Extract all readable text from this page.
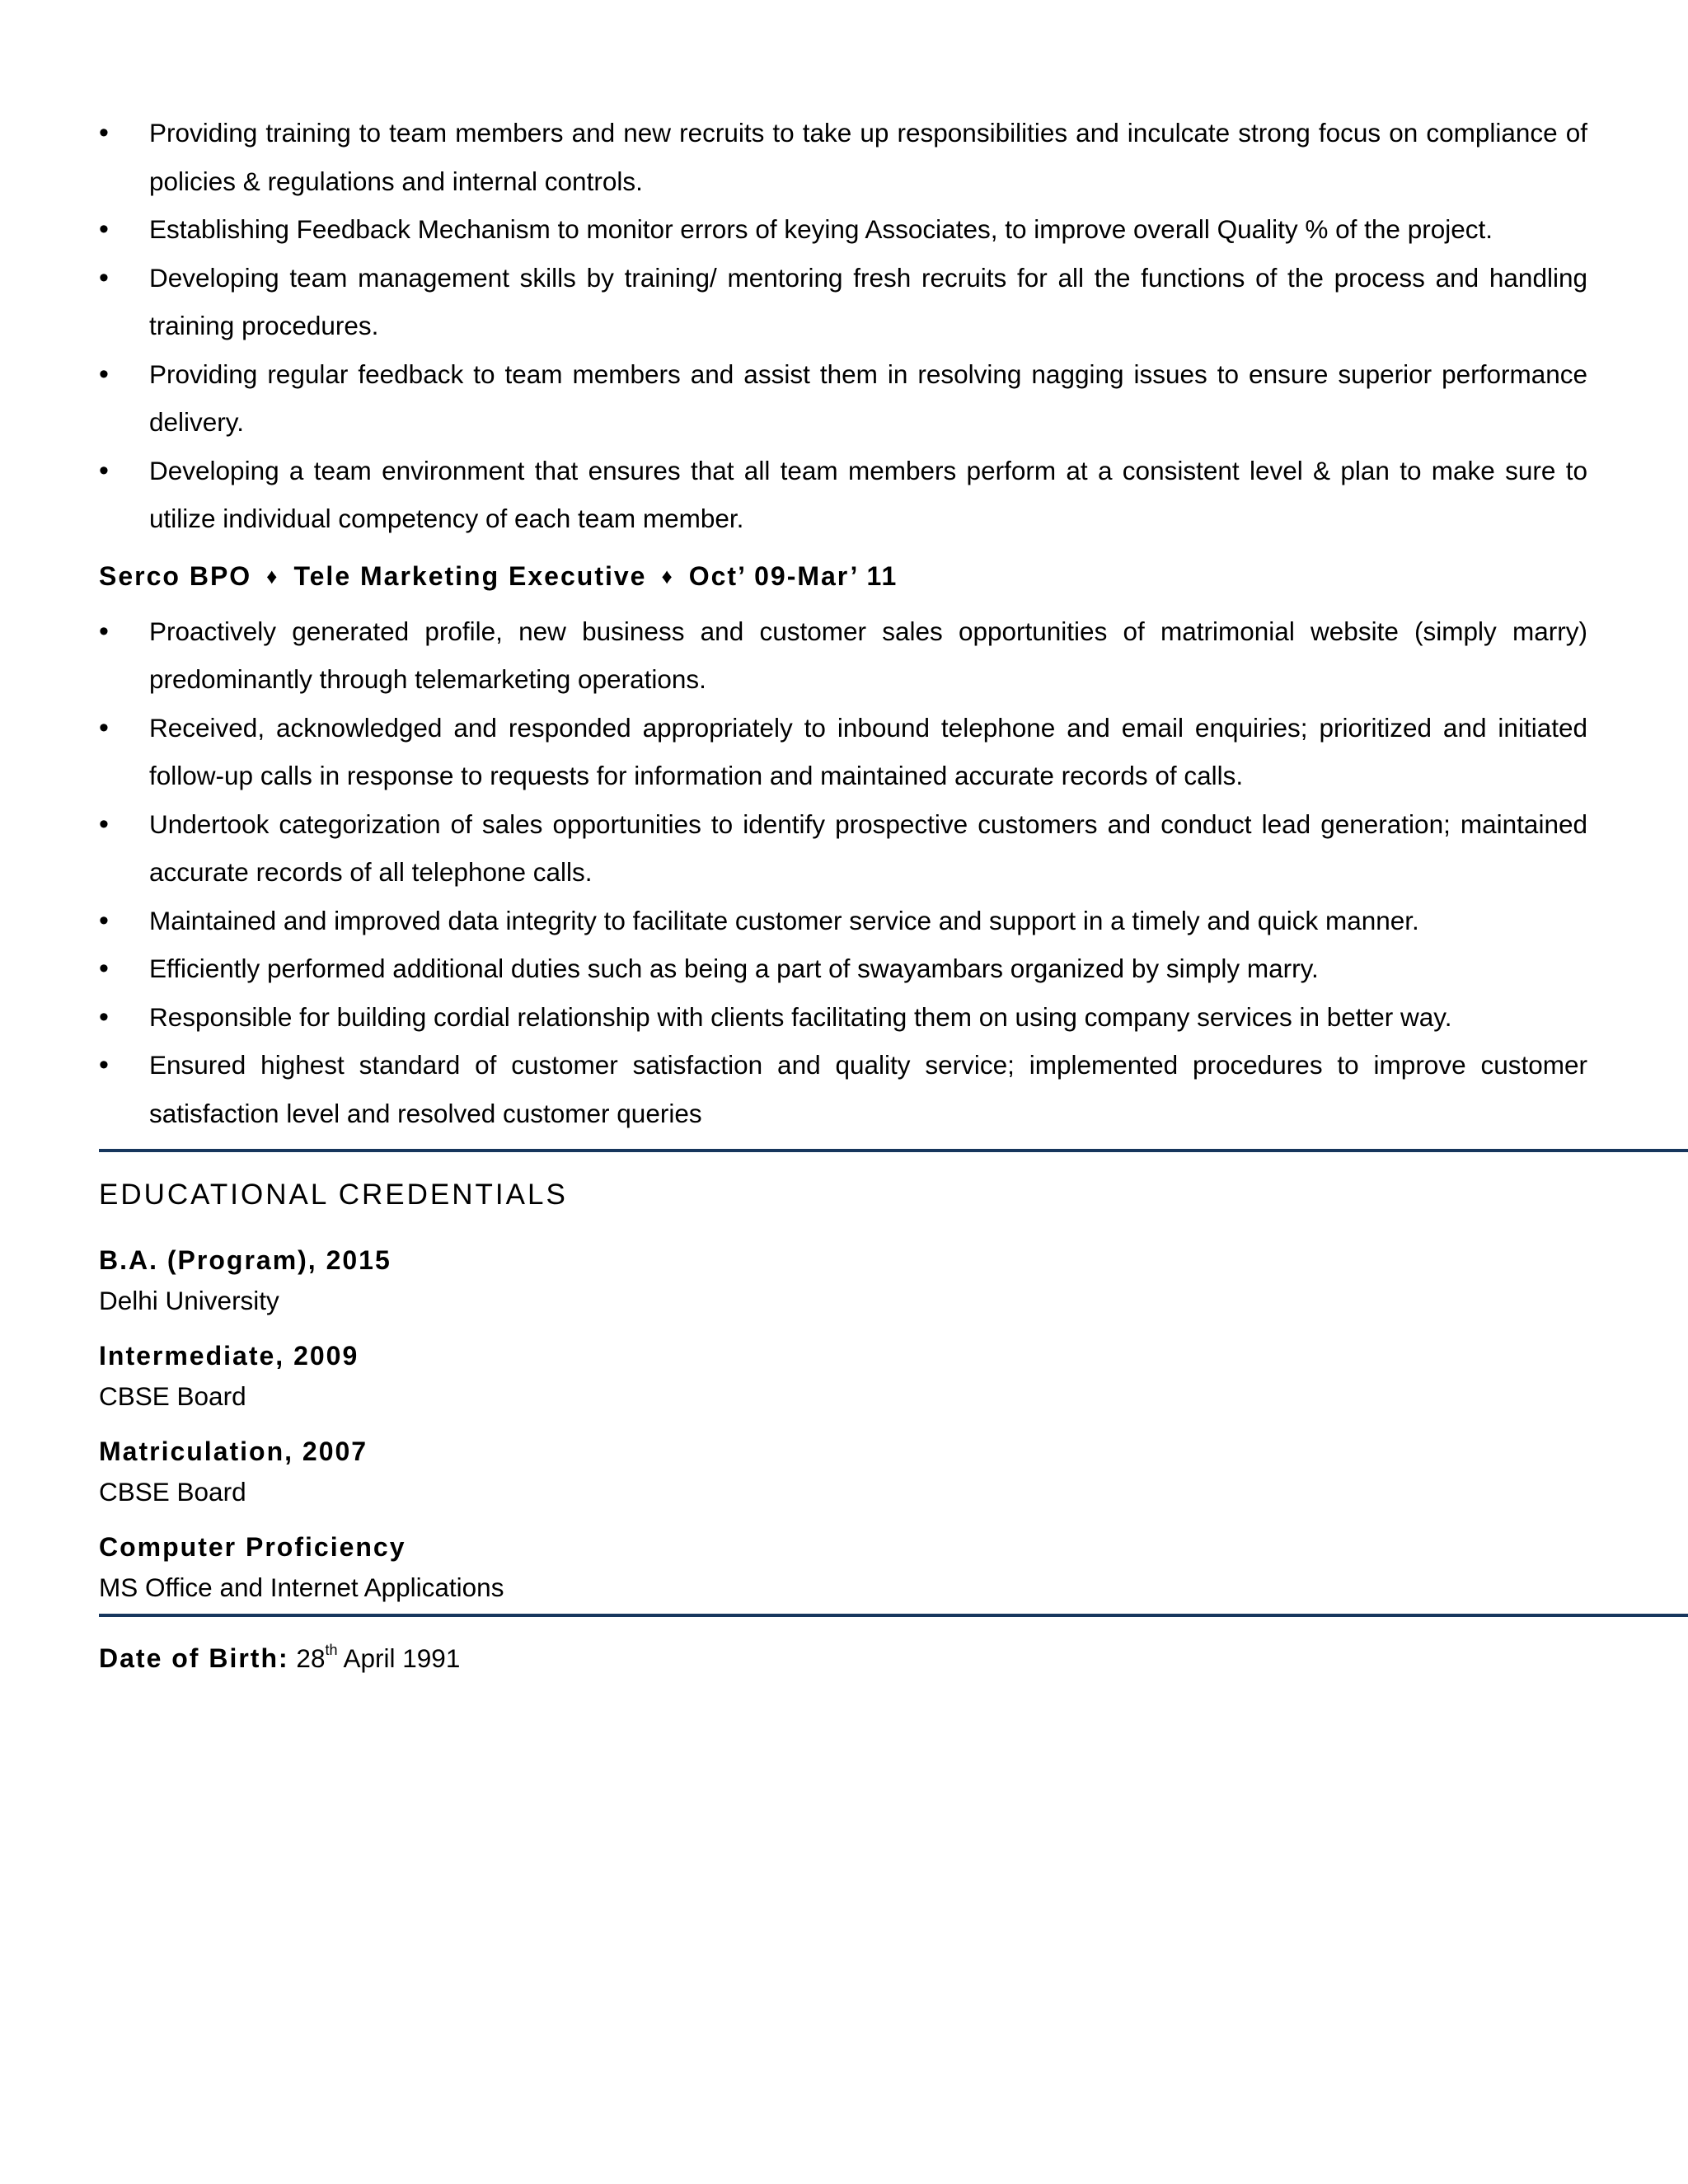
•	Providing training to team members and new recruits to take up responsibilities and inculcate strong focus on compliance of policies & regulations and internal controls.
•	Establishing Feedback Mechanism to monitor errors of keying Associates, to improve overall Quality % of the project.
•	Developing team management skills by training/ mentoring fresh recruits for all the functions of the process and handling training procedures.
•	Providing regular feedback to team members and assist them in resolving nagging issues to ensure superior performance delivery.
•	Developing a team environment that ensures that all team members perform at a consistent level & plan to make sure to utilize individual competency of each team member.
Serco BPO ♦ Tele Marketing Executive ♦ Oct’ 09-Mar’ 11
•	Proactively generated profile, new business and customer sales opportunities of matrimonial website (simply marry) predominantly through telemarketing operations.
•	Received, acknowledged and responded appropriately to inbound telephone and email enquiries; prioritized and initiated follow-up calls in response to requests for information and maintained accurate records of calls.
•	Undertook categorization of sales opportunities to identify prospective customers and conduct lead generation; maintained accurate records of all telephone calls.
•	Maintained and improved data integrity to facilitate customer service and support in a timely and quick manner.
•	Efficiently performed additional duties such as being a part of swayambars organized by simply marry.
•	Responsible for building cordial relationship with clients facilitating them on using company services in better way.
•	Ensured highest standard of customer satisfaction and quality service; implemented procedures to improve customer satisfaction level and resolved customer queries
EDUCATIONAL CREDENTIALS
B.A. (Program), 2015
Delhi University
Intermediate, 2009
CBSE Board
Matriculation, 2007
CBSE Board
Computer Proficiency
MS Office and Internet Applications
Date of Birth: 28th April 1991
